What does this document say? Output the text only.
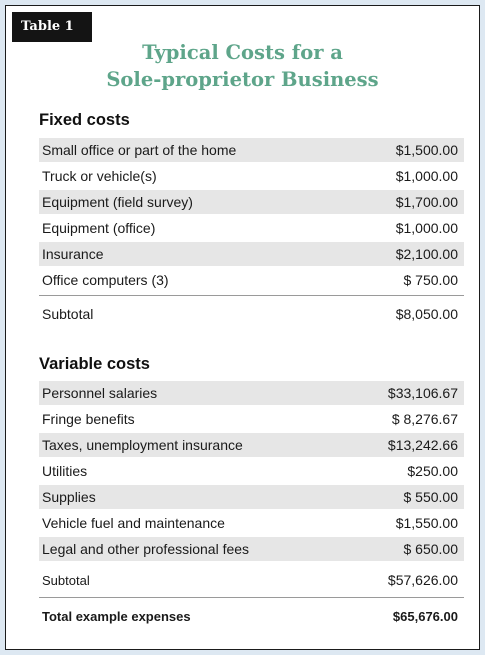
Table 1
Typical Costs for a
Sole-proprietor Business
Fixed costs
Small office or part of the home	$1,500.00
Truck or vehicle(s)	$1,000.00
Equipment (field survey)	$1,700.00
Equipment (office)	$1,000.00
Insurance	$2,100.00
Office computers (3)	$ 750.00
Subtotal	$8,050.00
Variable costs
Personnel salaries	$33,106.67
Fringe benefits	$ 8,276.67
Taxes, unemployment insurance	$13,242.66
Utilities	$250.00
Supplies	$ 550.00
Vehicle fuel and maintenance	$1,550.00
Legal and other professional fees	$ 650.00
Subtotal	$57,626.00
Total example expenses	$65,676.00
